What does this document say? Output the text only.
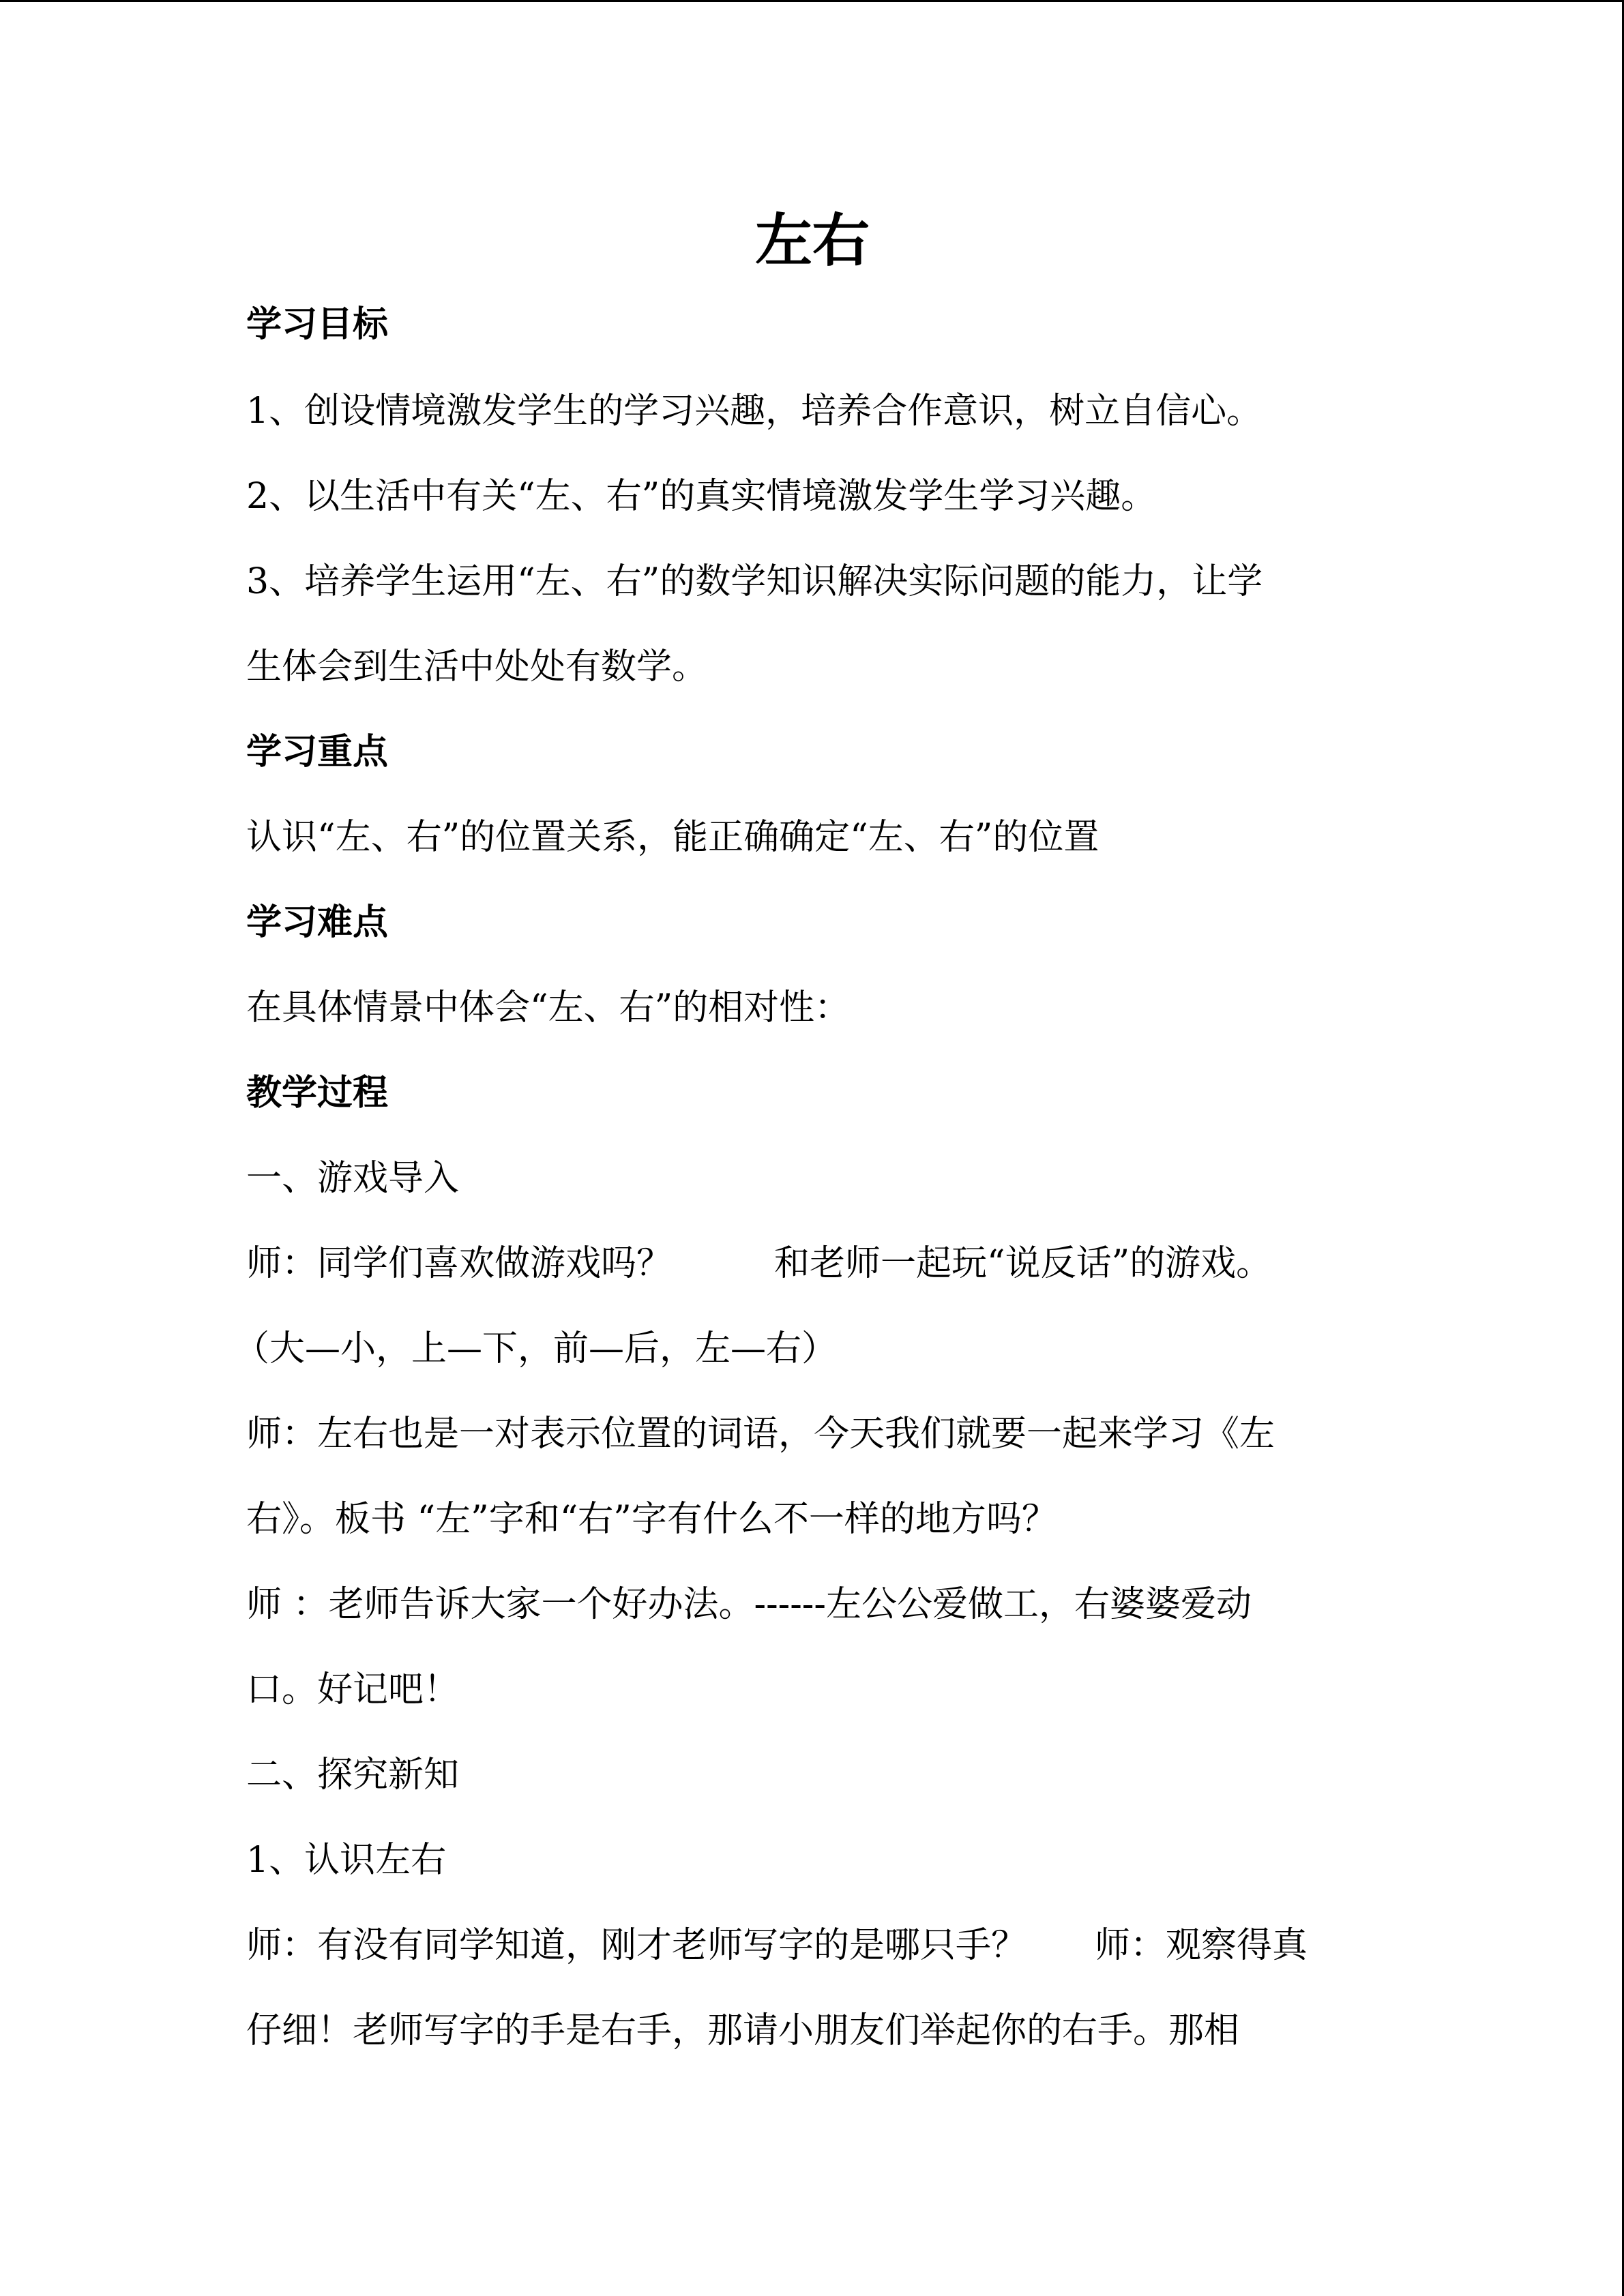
左右

学习目标

1、创设情境激发学生的学习兴趣，培养合作意识，树立自信心。

2、以生活中有关“左、右”的真实情境激发学生学习兴趣。

3、培养学生运用“左、右”的数学知识解决实际问题的能力，让学

生体会到生活中处处有数学。

学习重点

认识“左、右”的位置关系，能正确确定“左、右”的位置

学习难点

在具体情景中体会“左、右”的相对性：

教学过程

一、游戏导入

师：同学们喜欢做游戏吗？	和老师一起玩“说反话”的游戏。

（大—小，上—下，前—后，左—右）

师：左右也是一对表示位置的词语，今天我们就要一起来学习《左

右》。板书 “左”字和“右”字有什么不一样的地方吗？

师 ：老师告诉大家一个好办法。------左公公爱做工，右婆婆爱动

口。好记吧！

二、探究新知

1、认识左右

师：有没有同学知道，刚才老师写字的是哪只手？ 师：观察得真

仔细！老师写字的手是右手，那请小朋友们举起你的右手。那相
